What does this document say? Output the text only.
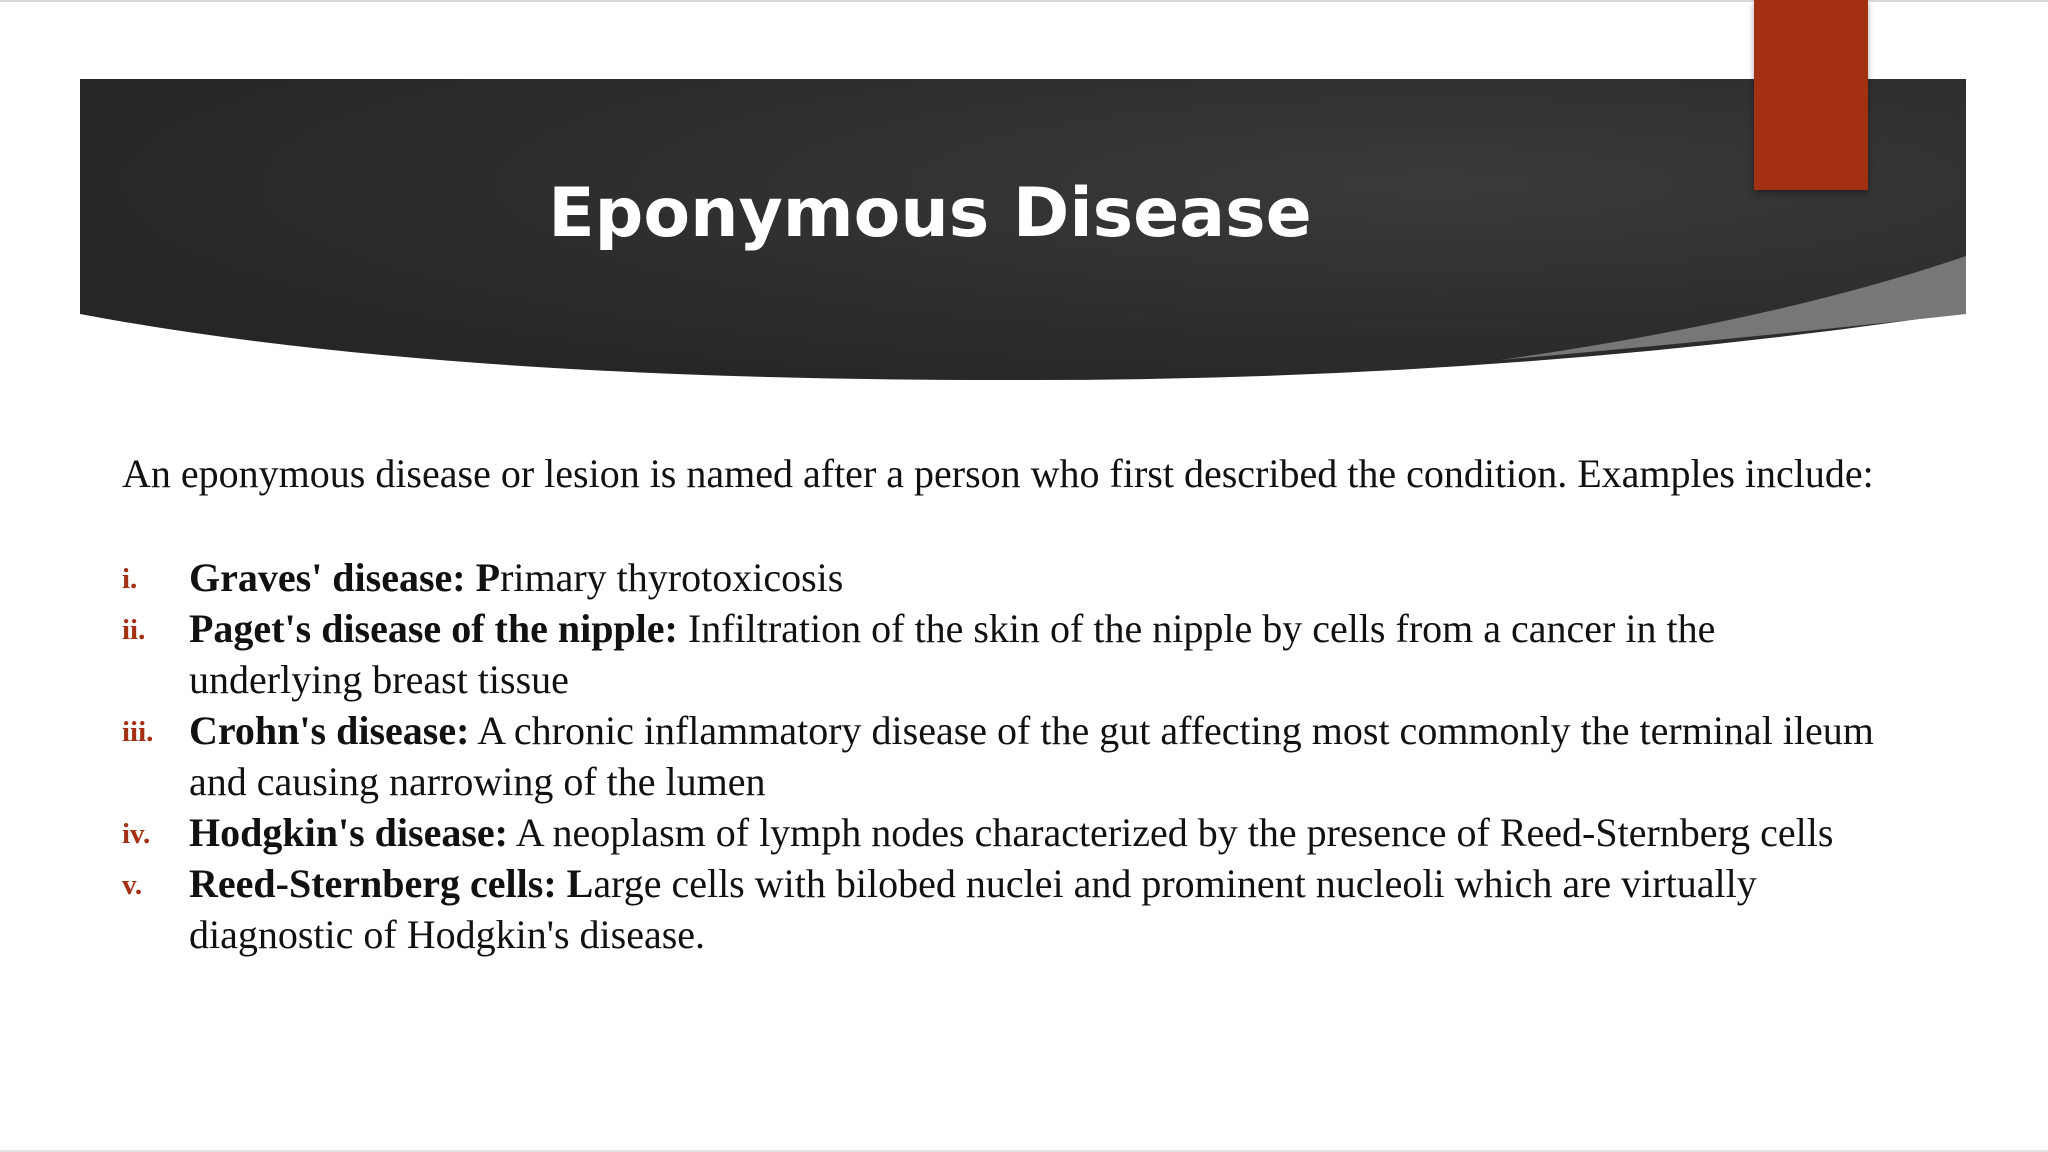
Eponymous Disease

An eponymous disease or lesion is named after a person who first described the condition. Examples include:

i. Graves' disease: Primary thyrotoxicosis
ii. Paget's disease of the nipple: Infiltration of the skin of the nipple by cells from a cancer in the underlying breast tissue
iii. Crohn's disease: A chronic inflammatory disease of the gut affecting most commonly the terminal ileum and causing narrowing of the lumen
iv. Hodgkin's disease: A neoplasm of lymph nodes characterized by the presence of Reed-Sternberg cells
v. Reed-Sternberg cells: Large cells with bilobed nuclei and prominent nucleoli which are virtually diagnostic of Hodgkin's disease.
